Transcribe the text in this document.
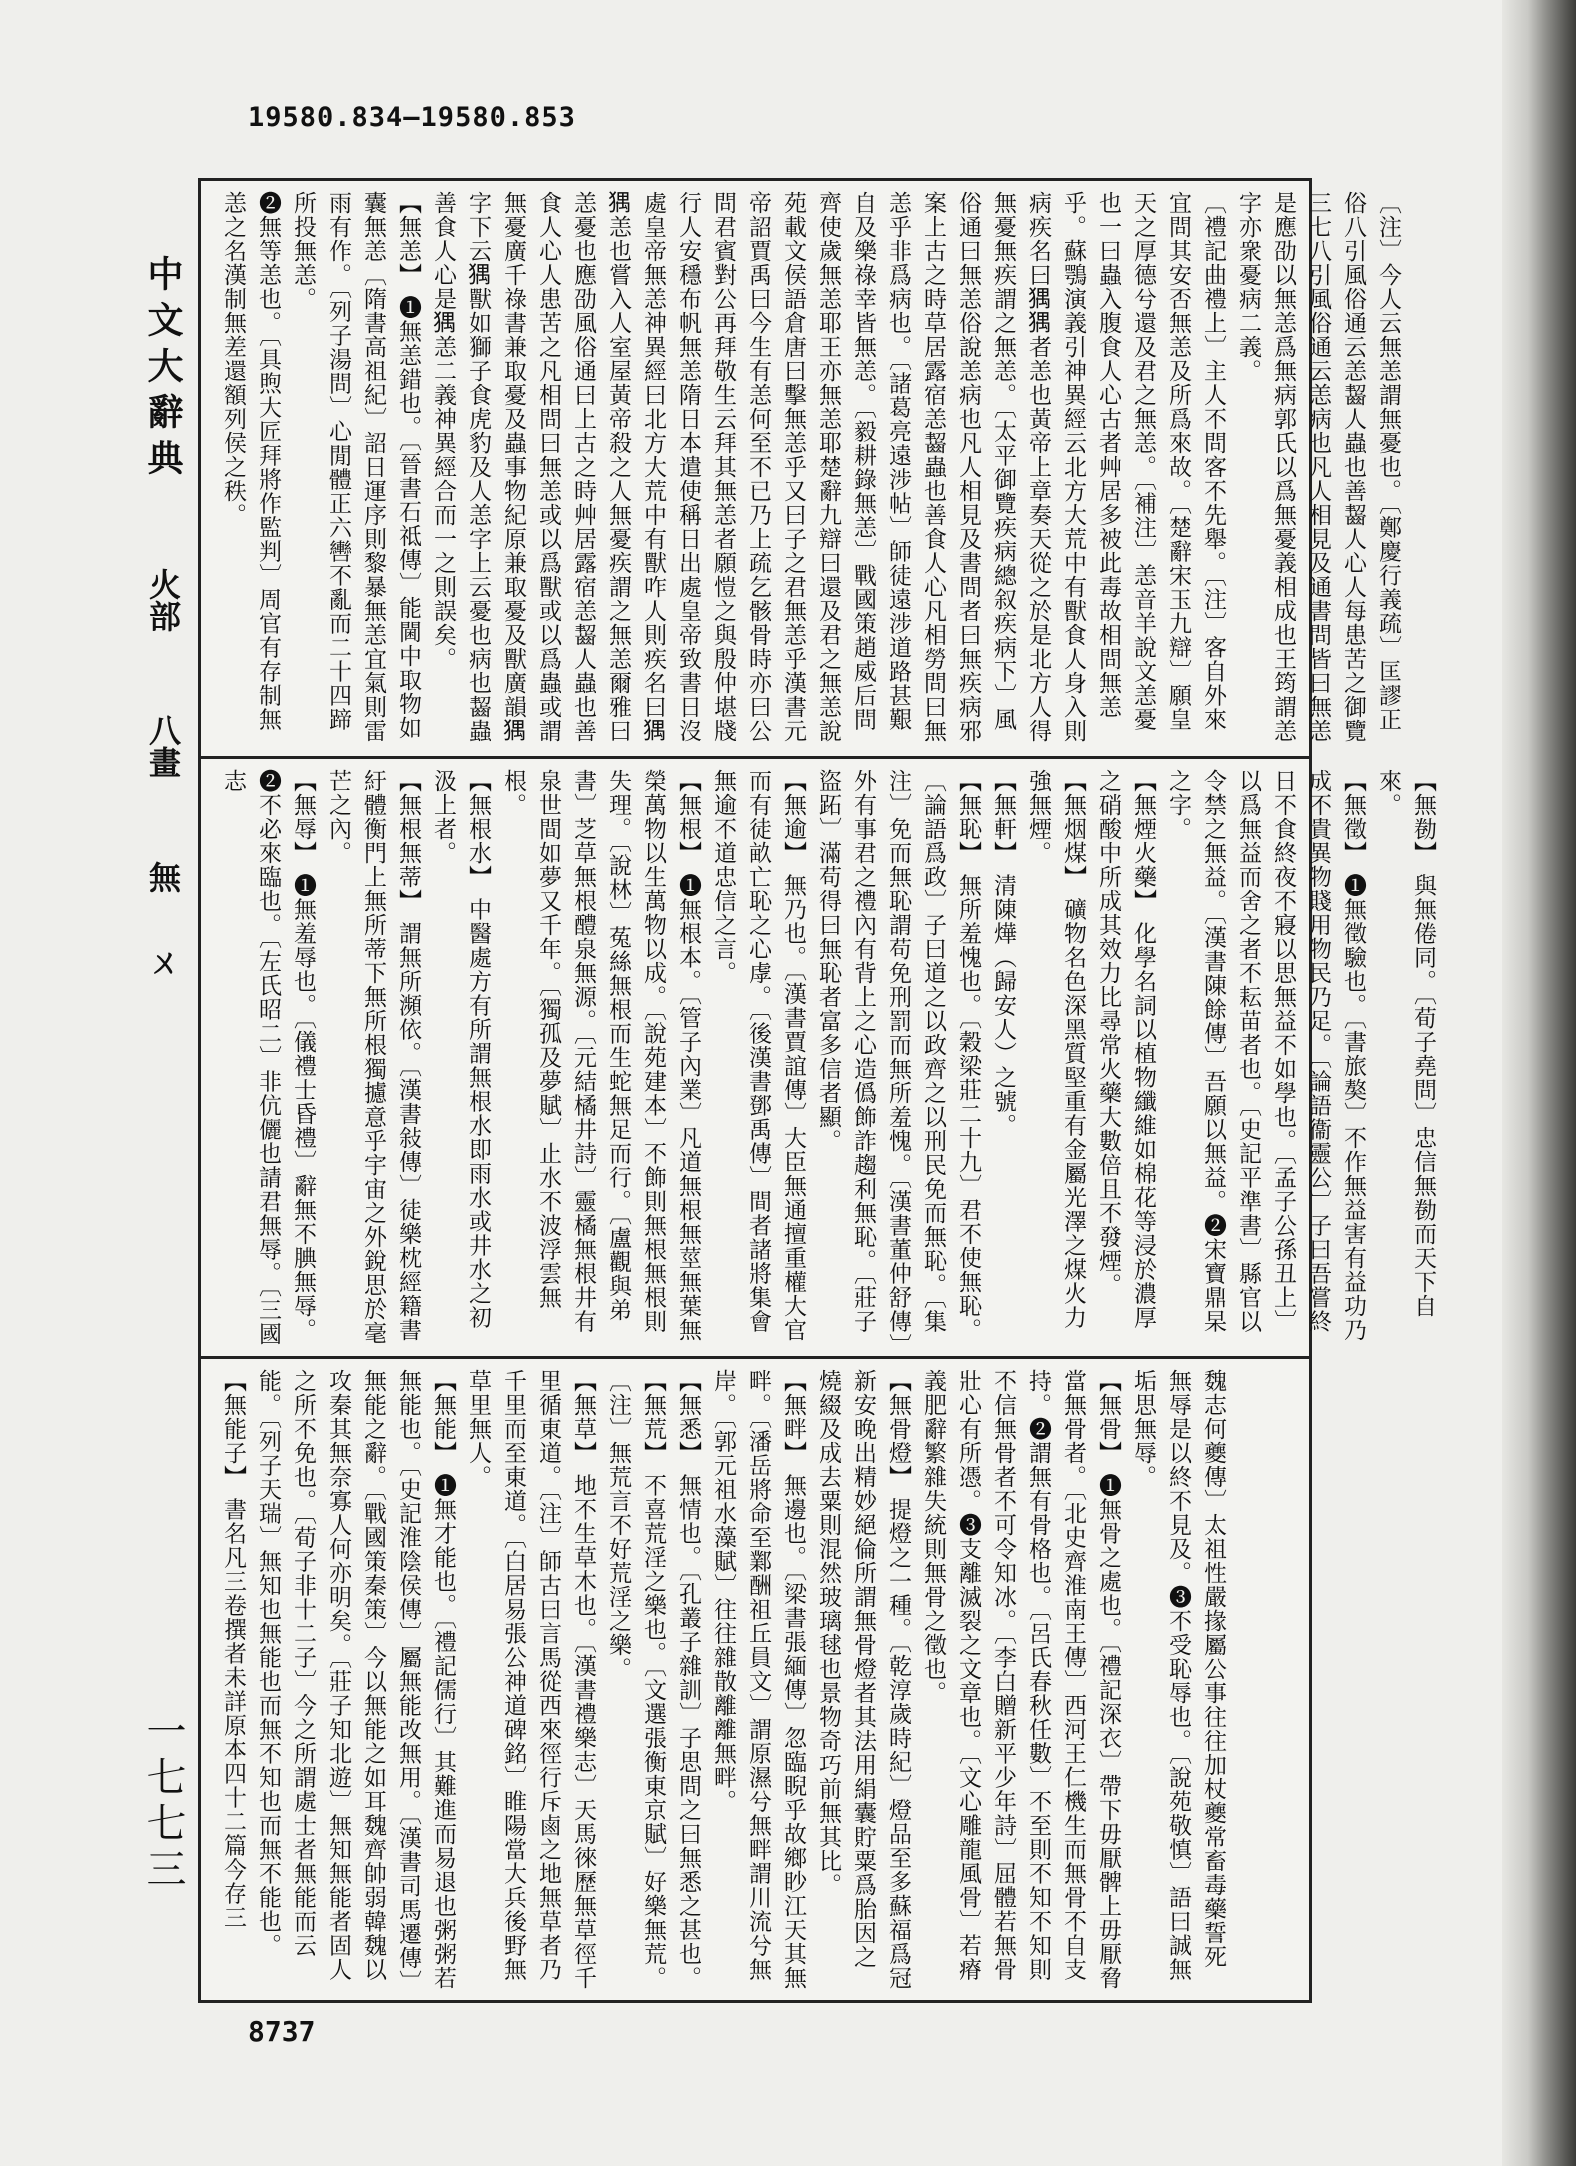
19580.834—19580.853
中文大辭典 火部 八畫 無 ㄨ 一七七三
〔注〕今人云無恙謂無憂也。〔鄭慶行義疏〕匡謬正俗八引風俗通云恙齧人蟲也善齧人心人每患苦之御覽三七八引風俗通云恙病也凡人相見及通書問皆曰無恙是應劭以無恙爲無病郭氏以爲無憂義相成也王筠謂恙字亦衆憂病二義。
〔禮記曲禮上〕主人不問客不先舉。〔注〕客自外來宜問其安否無恙及所爲來故。〔楚辭宋玉九辯〕願皇天之厚德兮還及君之無恙。〔補注〕恙音羊說文恙憂也一曰蟲入腹食人心古者艸居多被此毒故相問無恙乎。蘇鶚演義引神異經云北方大荒中有獸食人身入則病疾名曰𤟹𤟹者恙也黃帝上章奏天從之於是北方人得無憂無疾謂之無恙。〔太平御覽疾病總叙疾病下〕風俗通曰無恙俗說恙病也凡人相見及書問者曰無疾病邪案上古之時草居露宿恙齧蟲也善食人心凡相勞問曰無恙乎非爲病也。〔諸葛亮遠涉帖〕師徒遠涉道路甚艱自及樂祿幸皆無恙。〔毅耕錄無恙〕戰國策趙威后問齊使歲無恙耶王亦無恙耶楚辭九辯曰還及君之無恙說苑載文侯語倉唐曰擊無恙乎又曰子之君無恙乎漢書元帝詔賈禹曰今生有恙何至不已乃上疏乞骸骨時亦曰公問君賓對公再拜敬生云拜其無恙者願愷之與殷仲堪牋行人安穩布帆無恙隋日本遣使稱日出處皇帝致書日沒處皇帝無恙神異經曰北方大荒中有獸咋人則疾名曰𤟹𤟹恙也嘗入人室屋黃帝殺之人無憂疾謂之無恙爾雅曰恙憂也應劭風俗通曰上古之時艸居露宿恙齧人蟲也善食人心人患苦之凡相問曰無恙或以爲獸或以爲蟲或謂無憂廣千祿書兼取憂及蟲事物紀原兼取憂及獸廣韻𤟹字下云𤟹獸如獅子食虎豹及人恙字上云憂也病也齧蟲善食人心是𤟹恙二義神異經合而一之則誤矣。
【無恙】 ❶無恙錯也。〔晉書石祗傳〕能閫中取物如囊無恙〔隋書高祖紀〕詔日運序則黎暴無恙宜氣則雷雨有作。〔列子湯問〕心閒體正六轡不亂而二十四蹄所投無恙。
❷無等恙也。〔具煦大匠拜將作監判〕周官有存制無恙之名漢制無差還額列侯之秩。
【無勌】 與無倦同。〔荀子堯問〕忠信無勌而天下自來。
【無徵】 ❶無徵驗也。〔書旅獒〕不作無益害有益功乃成不貴異物賤用物民乃足。〔論語衞靈公〕子曰吾嘗終日不食終夜不寢以思無益不如學也。〔孟子公孫丑上〕以爲無益而舍之者不耘苗者也。〔史記平準書〕縣官以令禁之無益。〔漢書陳餘傳〕吾願以無益。❷宋寶鼎杲之字。
【無煙火藥】 化學名詞以植物纖維如棉花等浸於濃厚之硝酸中所成其效力比尋常火藥大數倍且不發煙。
【無烟煤】 礦物名色深黑質堅重有金屬光澤之煤火力強無煙。
【無軒】 清陳燁（歸安人）之號。
【無恥】 無所羞愧也。〔穀梁莊二十九〕君不使無恥。〔論語爲政〕子曰道之以政齊之以刑民免而無恥。〔集注〕免而無恥謂苟免刑罰而無所羞愧。〔漢書董仲舒傳〕外有事君之禮內有背上之心造僞飾詐趨利無恥。〔莊子盜跖〕滿苟得曰無恥者富多信者顯。
【無逾】 無乃也。〔漢書賈誼傳〕大臣無通擅重權大官而有徒畝亡恥之心虖。〔後漢書鄧禹傳〕間者諸將集會無逾不道忠信之言。
【無根】 ❶無根本。〔管子內業〕凡道無根無莖無葉無榮萬物以生萬物以成。〔說苑建本〕不飾則無根無根則失理。〔說林〕菟絲無根而生蛇無足而行。〔盧觀與弟書〕芝草無根醴泉無源。〔元結橘井詩〕靈橘無根井有泉世間如夢又千年。〔獨孤及夢賦〕止水不波浮雲無根。
【無根水】 中醫處方有所謂無根水即雨水或井水之初汲上者。
【無根無蒂】 謂無所瀕依。〔漢書敍傳〕徒樂枕經籍書紆體衡門上無所蒂下無所根獨攄意乎宇宙之外銳思於毫芒之內。
【無辱】 ❶無羞辱也。〔儀禮士昏禮〕辭無不腆無辱。❷不必來臨也。〔左氏昭二〕非伉儷也請君無辱。〔三國志
魏志何夔傳〕太祖性嚴掾屬公事往往加杖夔常畜毒藥誓死無辱是以終不見及。❸不受恥辱也。〔說苑敬慎〕語曰誠無垢思無辱。
【無骨】 ❶無骨之處也。〔禮記深衣〕帶下毋厭髀上毋厭脅當無骨者。〔北史齊淮南王傳〕西河王仁機生而無骨不自支持。❷謂無有骨格也。〔呂氏春秋任數〕不至則不知不知則不信無骨者不可令知冰。〔李白贈新平少年詩〕屈體若無骨壯心有所憑。❸支離滅裂之文章也。〔文心雕龍風骨〕若瘠義肥辭繁雜失統則無骨之徵也。
【無骨燈】 提燈之一種。〔乾淳歲時紀〕燈品至多蘇福爲冠新安晚出精妙絕倫所謂無骨燈者其法用絹囊貯粟爲胎因之燒綴及成去粟則混然玻璃毬也景物奇巧前無其比。
【無畔】 無邊也。〔梁書張緬傳〕忽臨睨乎故鄉眇江天其無畔。〔潘岳將命至鄴酬祖丘員文〕謂原濕兮無畔謂川流兮無岸。〔郭元祖水藻賦〕往往雜散離離無畔。
【無悉】 無情也。〔孔叢子雜訓〕子思問之曰無悉之甚也。
【無荒】 不喜荒淫之樂也。〔文選張衡東京賦〕好樂無荒。〔注〕無荒言不好荒淫之樂。
【無草】 地不生草木也。〔漢書禮樂志〕天馬徠歷無草徑千里循東道。〔注〕師古曰言馬從西來徑行斥鹵之地無草者乃千里而至東道。〔白居易張公神道碑銘〕睢陽當大兵後野無草里無人。
【無能】 ❶無才能也。〔禮記儒行〕其難進而易退也粥粥若無能也。〔史記淮陰侯傳〕屬無能改無用。〔漢書司馬遷傳〕無能之辭。〔戰國策秦策〕今以無能之如耳魏齊帥弱韓魏以攻秦其無奈寡人何亦明矣。〔莊子知北遊〕無知無能者固人之所不免也。〔荀子非十二子〕今之所謂處士者無能而云能。〔列子天瑞〕無知也無能也而無不知也而無不能也。
【無能子】 書名凡三卷撰者未詳原本四十二篇今存三
8737
